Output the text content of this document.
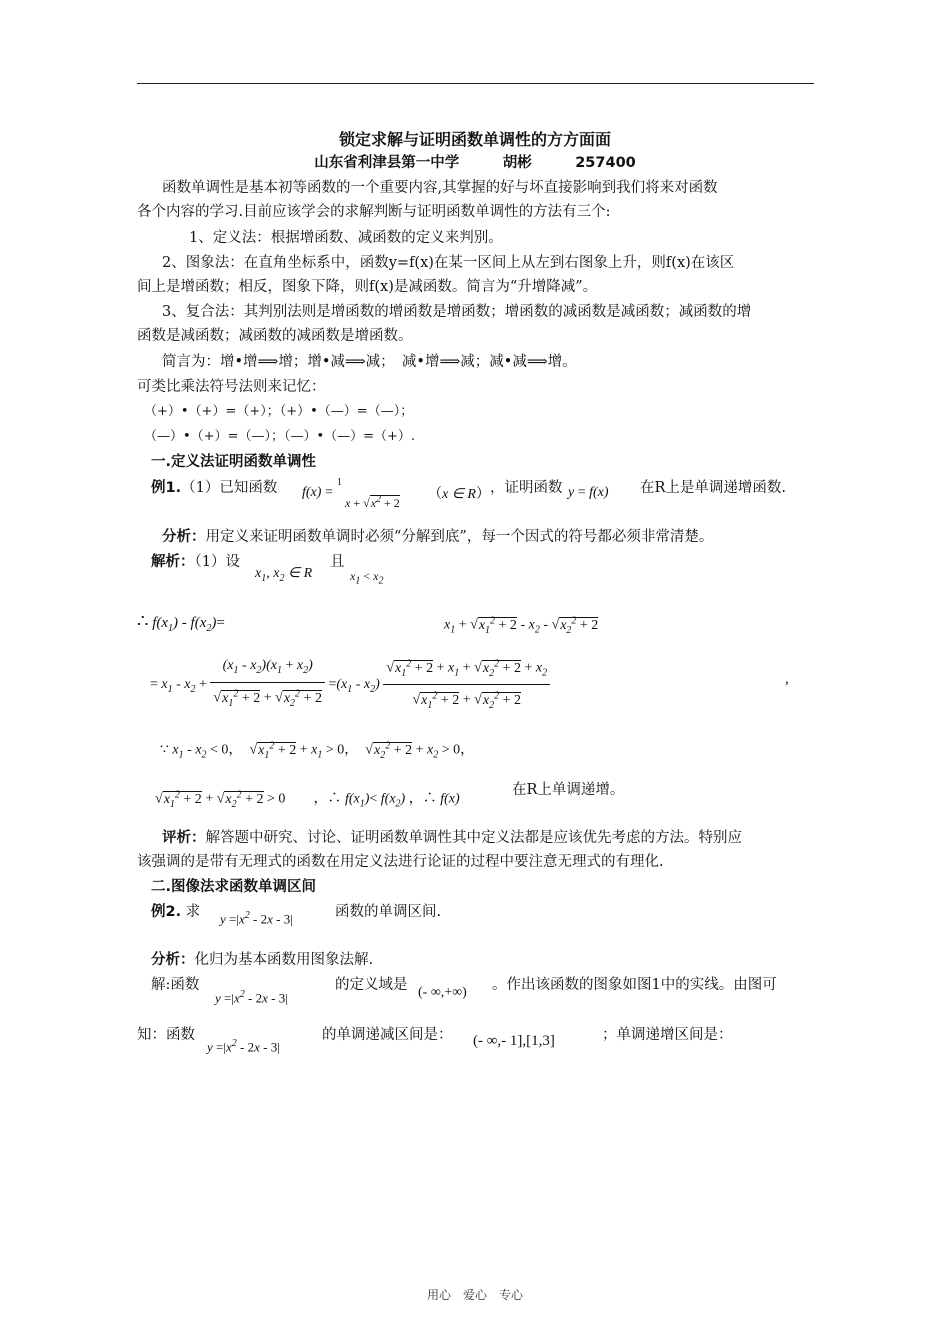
锁定求解与证明函数单调性的方方面面
山东省利津县第一中学　　　胡彬　　　257400
函数单调性是基本初等函数的一个重要内容,其掌握的好与坏直接影响到我们将来对函数
各个内容的学习.目前应该学会的求解判断与证明函数单调性的方法有三个:
1、定义法：根据增函数、减函数的定义来判别。
2、图象法：在直角坐标系中，函数y=f(x)在某一区间上从左到右图象上升，则f(x)在该区
间上是增函数；相反，图象下降，则f(x)是减函数。简言为“升增降减”。
3、复合法：其判别法则是增函数的增函数是增函数；增函数的减函数是减函数；减函数的增
函数是减函数；减函数的减函数是增函数。
简言为：增•增⟹增；增•减⟹减；　减•增⟹减；减•减⟹增。
可类比乘法符号法则来记忆：
（+）•（+）=（+）；（+）•（—）=（—）；
（—）•（+）=（—）；（—）•（—）=（+）.
一.定义法证明函数单调性
例1.（1）已知函数	f(x) =
1
$x + √x^2 + 2$
（x ∈ R） ，证明函数 y = f(x) 在R上是单调递增函数.
分析：用定义来证明函数单调时必须“分解到底”，每一个因式的符号都必须非常清楚。
解析：（1）设
$x_1$, $x_2$ ∈ R
且
$x_1 < x_2$
∴ $f(x_1) - f(x_2)=$	$x_1 + √x_1^2 + 2 - x_2 - √x_2^2 + 2$
= $x_1 - x_2 + \frac{(x_1 - x_2)(x_1 + x_2)}{√x_1^2 + 2 + √x_2^2 + 2} =(x_1 - x_2) \frac{√x_1^2 + 2 + x_1 + √x_2^2 + 2 + x_2}{√x_1^2 + 2 + √x_2^2 + 2}$	,
∵ $x_1 - x_2 < 0$，　 $√x_1^2 + 2 + x_1 > 0$，　 $√x_2^2 + 2 + x_2 > 0$，
$√x_1^2 + 2 + √x_2^2 + 2 > 0$　　 ，∴ $f(x_1)< f(x_2)$ ，∴ f(x)
在R上单调递增。
评析：解答题中研究、讨论、证明函数单调性其中定义法都是应该优先考虑的方法。特别应
该强调的是带有无理式的函数在用定义法进行论证的过程中要注意无理式的有理化.
二.图像法求函数单调区间
例2. 求	$y =|x^2 - 2x - 3|$	函数的单调区间.
分析：化归为基本函数用图象法解.
解:函数
$y =|x^2 - 2x - 3|$
的定义域是 (- ∞,+∞) 。作出该函数的图象如图1中的实线。由图可
知：函数
$y =|x^2 - 2x - 3|$
的单调递减区间是：	(- ∞,- 1],[1,3]	；单调递增区间是：
用心　爱心　专心
